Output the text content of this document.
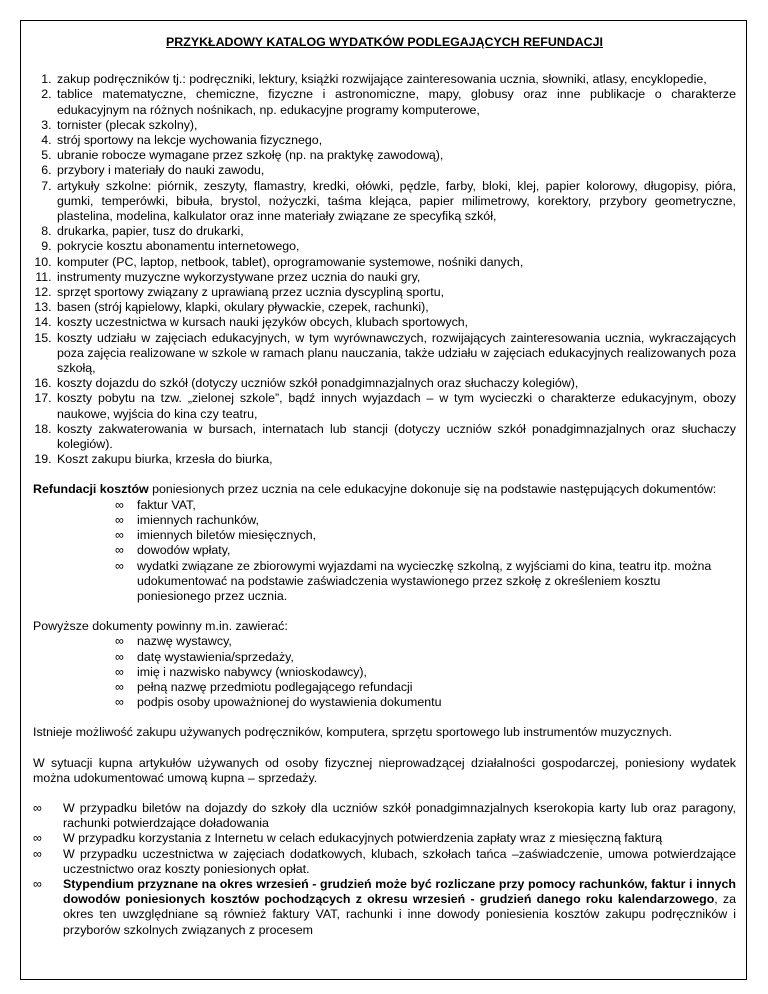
PRZYKŁADOWY KATALOG WYDATKÓW PODLEGAJĄCYCH REFUNDACJI
1. zakup podręczników tj.: podręczniki, lektury, książki rozwijające zainteresowania ucznia, słowniki, atlasy, encyklopedie,
2. tablice matematyczne, chemiczne, fizyczne i astronomiczne, mapy, globusy oraz inne publikacje o charakterze edukacyjnym na różnych nośnikach, np. edukacyjne programy komputerowe,
3. tornister (plecak szkolny),
4. strój sportowy na lekcje wychowania fizycznego,
5. ubranie robocze wymagane przez szkołę (np. na praktykę zawodową),
6. przybory i materiały do nauki zawodu,
7. artykuły szkolne: piórnik, zeszyty, flamastry, kredki, ołówki, pędzle, farby, bloki, klej, papier kolorowy, długopisy, pióra, gumki, temperówki, bibuła, brystol, nożyczki, taśma klejąca, papier milimetrowy, korektory, przybory geometryczne, plastelina, modelina, kalkulator oraz inne materiały związane ze specyfiką szkół,
8. drukarka, papier, tusz do drukarki,
9. pokrycie kosztu abonamentu internetowego,
10. komputer (PC, laptop, netbook, tablet), oprogramowanie systemowe, nośniki danych,
11. instrumenty muzyczne wykorzystywane przez ucznia do nauki gry,
12. sprzęt sportowy związany z uprawianą przez ucznia dyscypliną sportu,
13. basen (strój kąpielowy, klapki, okulary pływackie, czepek, rachunki),
14. koszty uczestnictwa w kursach nauki języków obcych, klubach sportowych,
15. koszty udziału w zajęciach edukacyjnych, w tym wyrównawczych, rozwijających zainteresowania ucznia, wykraczających poza zajęcia realizowane w szkole w ramach planu nauczania, także udziału w zajęciach edukacyjnych realizowanych poza szkołą,
16. koszty dojazdu do szkół (dotyczy uczniów szkół ponadgimnazjalnych oraz słuchaczy kolegiów),
17. koszty pobytu na tzw. „zielonej szkole”, bądź innych wyjazdach – w tym wycieczki o charakterze edukacyjnym, obozy naukowe, wyjścia do kina czy teatru,
18. koszty zakwaterowania w bursach, internatach lub stancji (dotyczy uczniów szkół ponadgimnazjalnych oraz słuchaczy kolegiów).
19. Koszt zakupu biurka, krzesła do biurka,

Refundacji kosztów poniesionych przez ucznia na cele edukacyjne dokonuje się na podstawie następujących dokumentów:

∞ faktur VAT,
∞ imiennych rachunków,
∞ imiennych biletów miesięcznych,
∞ dowodów wpłaty,
∞ wydatki związane ze zbiorowymi wyjazdami na wycieczkę szkolną, z wyjściami do kina, teatru itp. można udokumentować na podstawie zaświadczenia wystawionego przez szkołę z określeniem kosztu poniesionego przez ucznia.

Powyższe dokumenty powinny m.in. zawierać:

∞ nazwę wystawcy,
∞ datę wystawienia/sprzedaży,
∞ imię i nazwisko nabywcy (wnioskodawcy),
∞ pełną nazwę przedmiotu podlegającego refundacji
∞ podpis osoby upoważnionej do wystawienia dokumentu

Istnieje możliwość zakupu używanych podręczników, komputera, sprzętu sportowego lub instrumentów muzycznych.

W sytuacji kupna artykułów używanych od osoby fizycznej nieprowadzącej działalności gospodarczej, poniesiony wydatek można udokumentować umową kupna – sprzedaży.

∞ W przypadku biletów na dojazdy do szkoły dla uczniów szkół ponadgimnazjalnych kserokopia karty lub oraz paragony, rachunki potwierdzające doładowania
∞ W przypadku korzystania z Internetu w celach edukacyjnych potwierdzenia zapłaty wraz z miesięczną fakturą
∞ W przypadku uczestnictwa w zajęciach dodatkowych, klubach, szkołach tańca –zaświadczenie, umowa potwierdzające uczestnictwo oraz koszty poniesionych opłat.
∞ Stypendium przyznane na okres wrzesień - grudzień może być rozliczane przy pomocy rachunków, faktur i innych dowodów poniesionych kosztów pochodzących z okresu wrzesień - grudzień danego roku kalendarzowego, za okres ten uwzględniane są również faktury VAT, rachunki i inne dowody poniesienia kosztów zakupu podręczników i przyborów szkolnych związanych z procesem
